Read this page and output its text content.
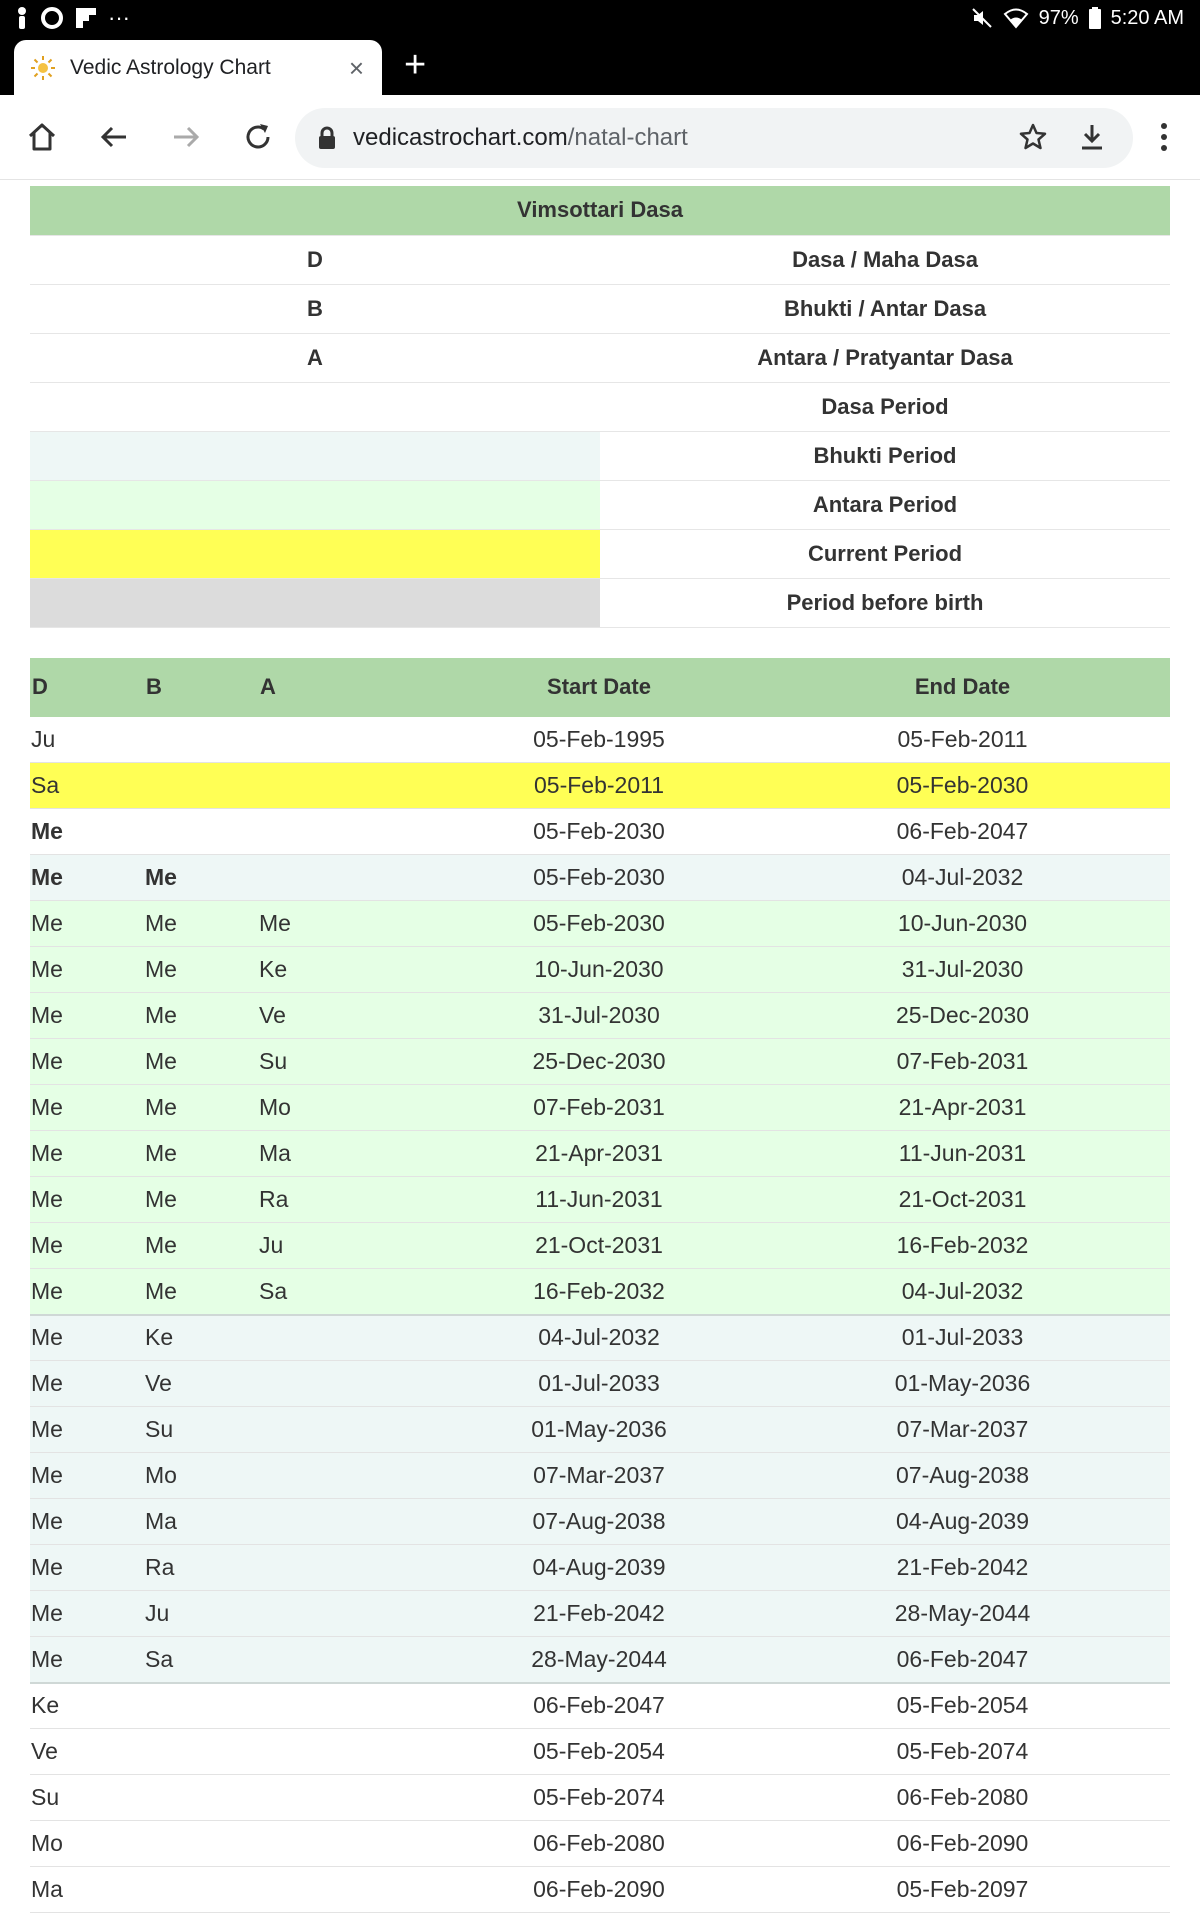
···	97% 5:20 AM
Vedic Astrology Chart	× +
vedicastrochart.com/natal-chart
Vimsottari Dasa	
D	Dasa / Maha Dasa
B	Bhukti / Antar Dasa
A	Antara / Pratyantar Dasa
	Dasa Period
	Bhukti Period
	Antara Period
	Current Period
	Period before birth
D	B	A	Start Date	End Date
Ju			05-Feb-1995	05-Feb-2011
Sa			05-Feb-2011	05-Feb-2030
Me			05-Feb-2030	06-Feb-2047
Me	Me		05-Feb-2030	04-Jul-2032
Me	Me	Me	05-Feb-2030	10-Jun-2030
Me	Me	Ke	10-Jun-2030	31-Jul-2030
Me	Me	Ve	31-Jul-2030	25-Dec-2030
Me	Me	Su	25-Dec-2030	07-Feb-2031
Me	Me	Mo	07-Feb-2031	21-Apr-2031
Me	Me	Ma	21-Apr-2031	11-Jun-2031
Me	Me	Ra	11-Jun-2031	21-Oct-2031
Me	Me	Ju	21-Oct-2031	16-Feb-2032
Me	Me	Sa	16-Feb-2032	04-Jul-2032
Me	Ke		04-Jul-2032	01-Jul-2033
Me	Ve		01-Jul-2033	01-May-2036
Me	Su		01-May-2036	07-Mar-2037
Me	Mo		07-Mar-2037	07-Aug-2038
Me	Ma		07-Aug-2038	04-Aug-2039
Me	Ra		04-Aug-2039	21-Feb-2042
Me	Ju		21-Feb-2042	28-May-2044
Me	Sa		28-May-2044	06-Feb-2047
Ke			06-Feb-2047	05-Feb-2054
Ve			05-Feb-2054	05-Feb-2074
Su			05-Feb-2074	06-Feb-2080
Mo			06-Feb-2080	06-Feb-2090
Ma			06-Feb-2090	05-Feb-2097
